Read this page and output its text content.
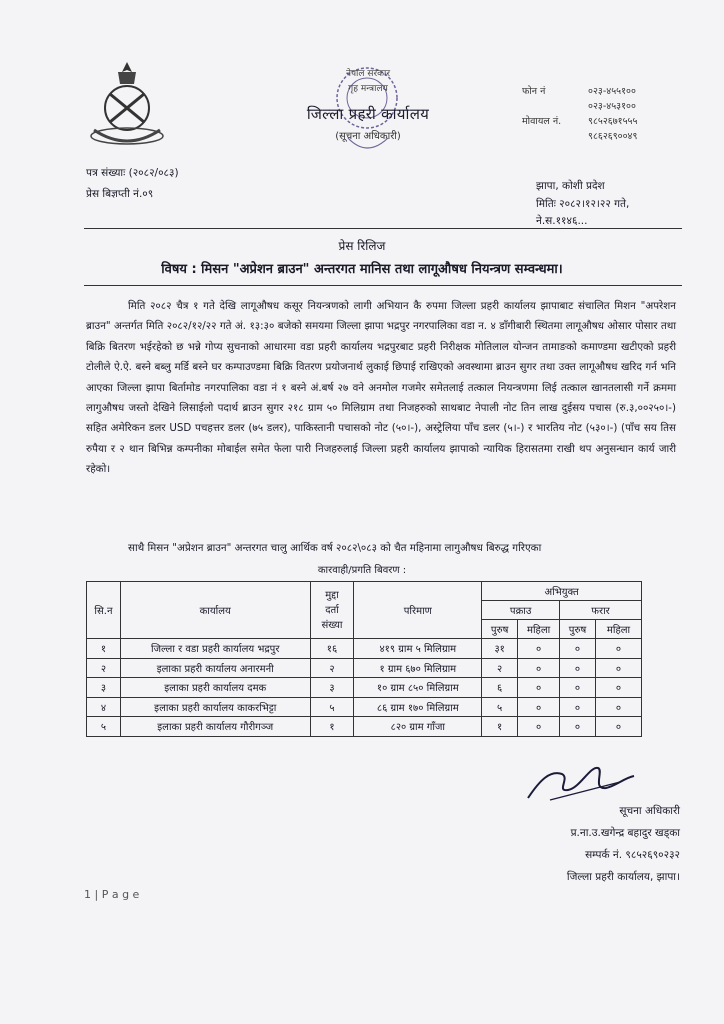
नेपाल सरकार
गृह मन्त्रालय
जिल्ला प्रहरी कार्यालय
(सूचना अधिकारी)
फोन नं	०२३-४५५१००
०२३-४५३१००
मोवायल नं.	९८५२६७१५५५
९८६२६९००४९
पत्र संख्याः (२०८२/०८३)
प्रेस बिज्ञप्ती नं.०९
झापा, कोशी प्रदेश
मितिः २०८२।१२।२२ गते,
ने.स.११४६...
प्रेस रिलिज
विषय : मिसन "अप्रेशन ब्राउन" अन्तरगत मानिस तथा लागूऔषध नियन्त्रण सम्वन्धमा।

मिति २०८२ चैत्र १ गते देखि लागूऔषध कसूर नियन्त्रणको लागी अभियान कै रुपमा जिल्ला प्रहरी कार्यालय झापाबाट संचालित मिशन "अपरेशन ब्राउन" अन्तर्गत मिति २०८२/१२/२२ गते अं. १३:३० बजेको समयमा जिल्ला झापा भद्रपुर नगरपालिका वडा न. ४ डाँगीबारी स्थितमा लागूऔषध ओसार पोसार तथा बिक्रि बितरण भईरहेको छ भन्ने गोप्य सुचनाको आधारमा वडा प्रहरी कार्यालय भद्रपुरबाट प्रहरी निरीक्षक मोतिलाल योन्जन तामाङको कमाण्डमा खटीएको प्रहरी टोलीले ऐ.ऐ. बस्ने बब्लु मर्डि बस्ने घर कम्पाउण्डमा बिक्रि वितरण प्रयोजनार्थ लुकाई छिपाई राखिएको अवस्थामा ब्राउन सुगर तथा उक्त लागूऔषध खरिद गर्न भनि आएका जिल्ला झापा बिर्तामोड नगरपालिका वडा नं १ बस्ने अं.बर्ष २७ वने अनमोल गजमेर समेतलाई तत्काल नियन्त्रणमा लिई तत्काल खानतलासी गर्ने क्रममा लागुऔषध जस्तो देखिने लिसाईलो पदार्थ ब्राउन सुगर २१८ ग्राम ५० मिलिग्राम तथा निजहरुको साथबाट नेपाली नोट तिन लाख दुईसय पचास (रु.३,००२५०।-) सहित अमेरिकन डलर USD पचहत्तर डलर (७५ डलर), पाकिस्तानी पचासको नोट (५०।-), अस्ट्रेलिया पाँच डलर (५।-) र भारतिय नोट (५३०।-) (पाँच सय तिस रुपैया र २ थान बिभिन्न कम्पनीका मोबाईल समेत फेला पारी निजहरुलाई जिल्ला प्रहरी कार्यालय झापाको न्यायिक हिरासतमा राखी थप अनुसन्धान कार्य जारी रहेको।

साथै मिसन "अप्रेशन ब्राउन" अन्तरगत चालु आर्थिक वर्ष २०८२\०८३ को चैत महिनामा लागुऔषध बिरुद्ध गरिएका
कारवाही/प्रगति बिवरण :
सि.न	कार्यालय	मुद्दा
दर्ता
संख्या	परिमाण	अभियुक्त			
				पक्राउ		फरार	
				पुरुष	महिला	पुरुष	महिला
१	जिल्ला र वडा प्रहरी कार्यालय भद्रपुर	१६	४१९ ग्राम ५ मिलिग्राम	३१	०	०	०
२	इलाका प्रहरी कार्यालय अनारमनी	२	१ ग्राम ६७० मिलिग्राम	२	०	०	०
३	इलाका प्रहरी कार्यालय दमक	३	१० ग्राम ८५० मिलिग्राम	६	०	०	०
४	इलाका प्रहरी कार्यालय काकरभिट्टा	५	८६ ग्राम १७० मिलिग्राम	५	०	०	०
५	इलाका प्रहरी कार्यालय गौरीगञ्ज	१	८२० ग्राम गाँजा	१	०	०	०
सूचना अधिकारी
प्र.ना.उ.खगेन्द्र बहादुर खड्का
सम्पर्क नं. ९८५२६९०२३२
जिल्ला प्रहरी कार्यालय, झापा।
1 | P a g e
